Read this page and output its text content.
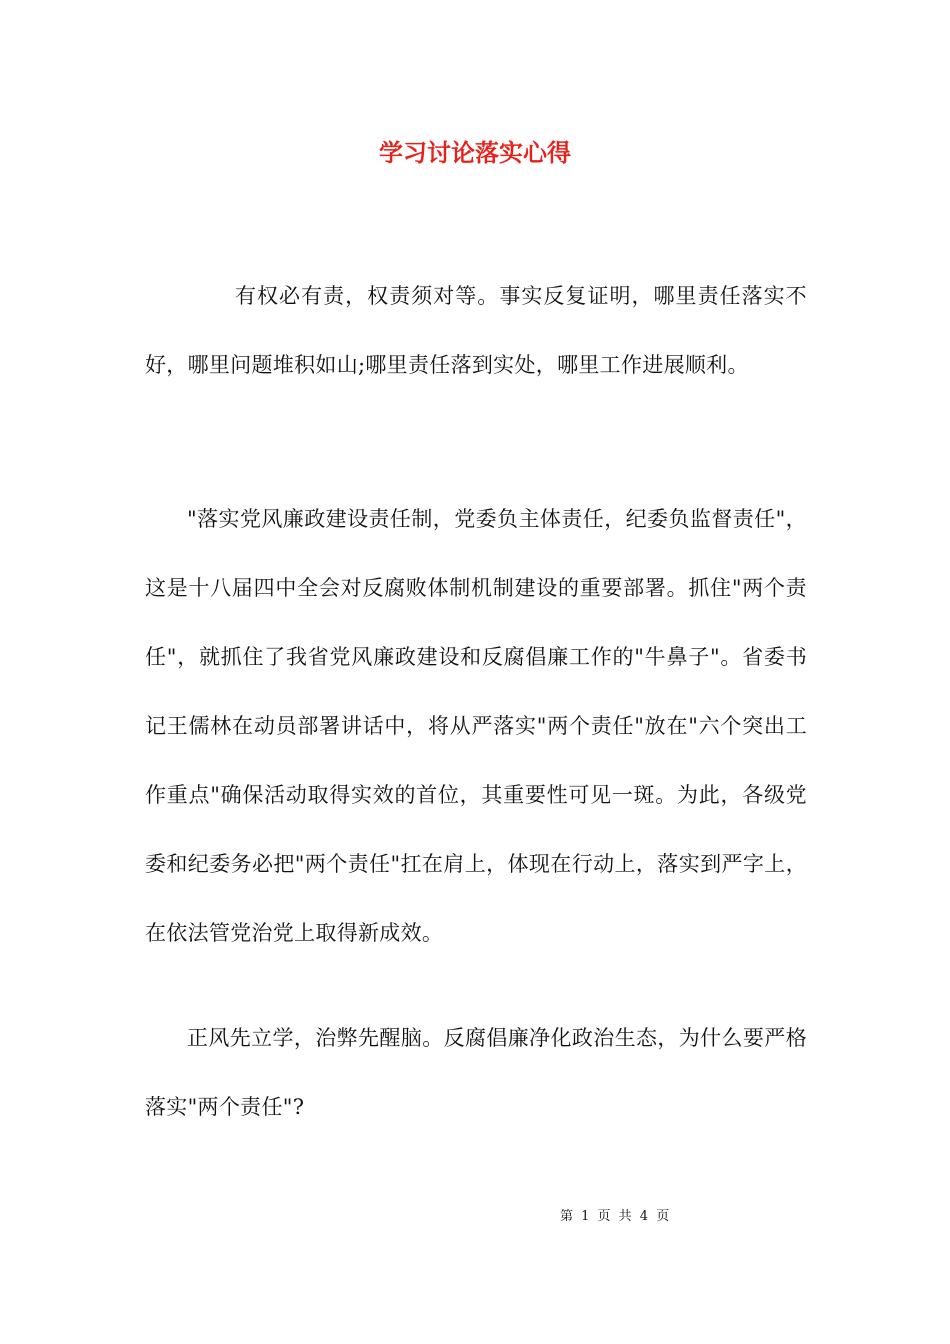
学习讨论落实心得

有权必有责，权责须对等。事实反复证明，哪里责任落实不好，哪里问题堆积如山;哪里责任落到实处，哪里工作进展顺利。

"落实党风廉政建设责任制，党委负主体责任，纪委负监督责任"，这是十八届四中全会对反腐败体制机制建设的重要部署。抓住"两个责任"，就抓住了我省党风廉政建设和反腐倡廉工作的"牛鼻子"。省委书记王儒林在动员部署讲话中，将从严落实"两个责任"放在"六个突出工作重点"确保活动取得实效的首位，其重要性可见一斑。为此，各级党委和纪委务必把"两个责任"扛在肩上，体现在行动上，落实到严字上，在依法管党治党上取得新成效。

正风先立学，治弊先醒脑。反腐倡廉净化政治生态，为什么要严格落实"两个责任"?

第 1 页 共 4 页
